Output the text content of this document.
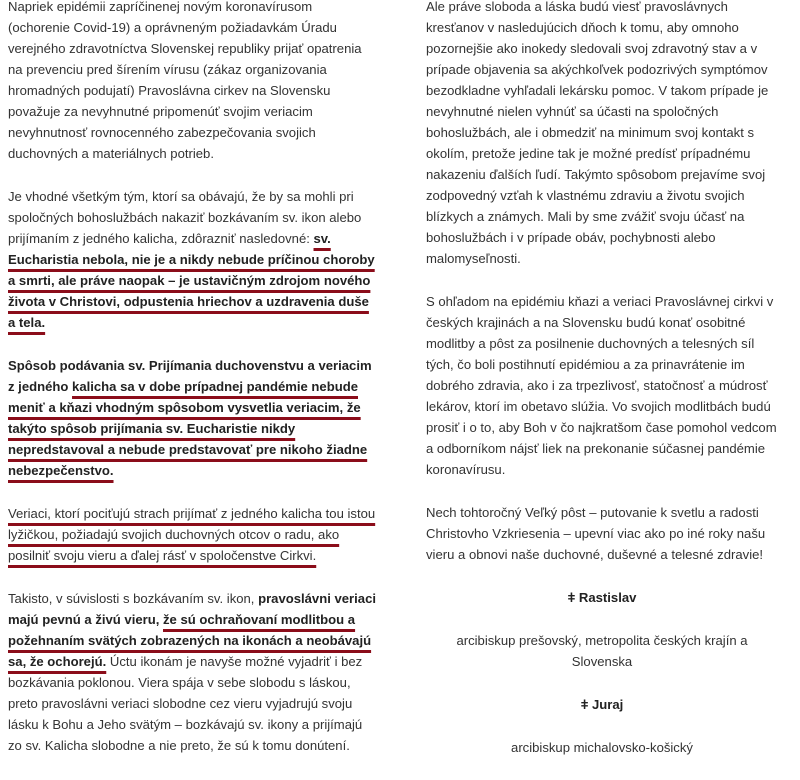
Napriek epidémii zapríčinenej novým koronavírusom (ochorenie Covid-19) a oprávneným požiadavkám Úradu verejného zdravotníctva Slovenskej republiky prijať opatrenia na prevenciu pred šírením vírusu (zákaz organizovania hromadných podujatí) Pravoslávna cirkev na Slovensku považuje za nevyhnutné pripomenúť svojim veriacim nevyhnutnosť rovnocenného zabezpečovania svojich duchovných a materiálnych potrieb.

Je vhodné všetkým tým, ktorí sa obávajú, že by sa mohli pri spoločných bohoslužbách nakaziť bozkávaním sv. ikon alebo prijímaním z jedného kalicha, zdôrazniť nasledovné: sv. Eucharistia nebola, nie je a nikdy nebude príčinou choroby a smrti, ale práve naopak – je ustavičným zdrojom nového života v Christovi, odpustenia hriechov a uzdravenia duše a tela.

Spôsob podávania sv. Prijímania duchovenstvu a veriacim z jedného kalicha sa v dobe prípadnej pandémie nebude meniť a kňazi vhodným spôsobom vysvetlia veriacim, že takýto spôsob prijímania sv. Eucharistie nikdy nepredstavoval a nebude predstavovať pre nikoho žiadne nebezpečenstvo.

Veriaci, ktorí pociťujú strach prijímať z jedného kalicha tou istou lyžičkou, požiadajú svojich duchovných otcov o radu, ako posilniť svoju vieru a ďalej rásť v spoločenstve Cirkvi.

Takisto, v súvislosti s bozkávaním sv. ikon, pravoslávni veriaci majú pevnú a živú vieru, že sú ochraňovaní modlitbou a požehnaním svätých zobrazených na ikonách a neobávajú sa, že ochorejú. Úctu ikonám je navyše možné vyjadriť i bez bozkávania poklonou. Viera spája v sebe slobodu s láskou, preto pravoslávni veriaci slobodne cez vieru vyjadrujú svoju lásku k Bohu a Jeho svätým – bozkávajú sv. ikony a prijímajú zo sv. Kalicha slobodne a nie preto, že sú k tomu donútení.

Ale práve sloboda a láska budú viesť pravoslávnych kresťanov v nasledujúcich dňoch k tomu, aby omnoho pozornejšie ako inokedy sledovali svoj zdravotný stav a v prípade objavenia sa akýchkoľvek podozrivých symptómov bezodkladne vyhľadali lekársku pomoc. V takom prípade je nevyhnutné nielen vyhnúť sa účasti na spoločných bohoslužbách, ale i obmedziť na minimum svoj kontakt s okolím, pretože jedine tak je možné predísť prípadnému nakazeniu ďalších ľudí. Takýmto spôsobom prejavíme svoj zodpovedný vzťah k vlastnému zdraviu a životu svojich blízkych a známych. Mali by sme zvážiť svoju účasť na bohoslužbách i v prípade obáv, pochybnosti alebo malomyseľnosti.

S ohľadom na epidémiu kňazi a veriaci Pravoslávnej cirkvi v českých krajinách a na Slovensku budú konať osobitné modlitby a pôst za posilnenie duchovných a telesných síl tých, čo boli postihnutí epidémiou a za prinavrátenie im dobrého zdravia, ako i za trpezlivosť, statočnosť a múdrosť lekárov, ktorí im obetavo slúžia. Vo svojich modlitbách budú prosiť i o to, aby Boh v čo najkratšom čase pomohol vedcom a odborníkom nájsť liek na prekonanie súčasnej pandémie koronavírusu.

Nech tohtoročný Veľký pôst – putovanie k svetlu a radosti Christovho Vzkriesenia – upevní viac ako po iné roky našu vieru a obnovi naše duchovné, duševné a telesné zdravie!

ǂ Rastislav
arcibiskup prešovský, metropolita českých krajín a Slovenska
ǂ Juraj
arcibiskup michalovsko-košický
